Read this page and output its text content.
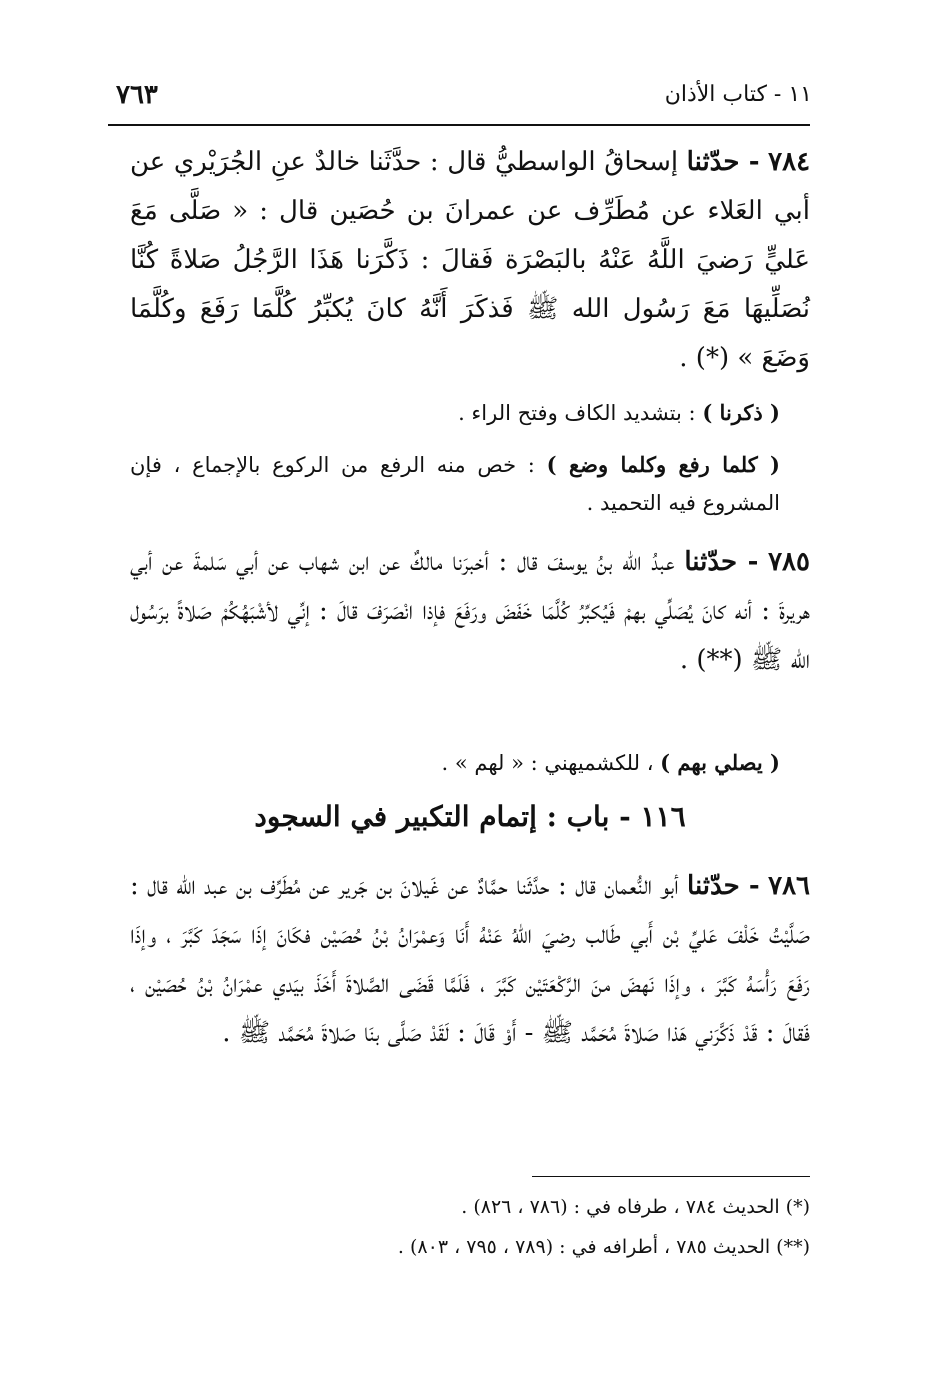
٧٦٣	١١ - كتاب الأذان
٧٨٤ - حدّثنا إسحاقُ الواسطيُّ قال : حدَّثَنا خالدٌ عنِ الجُرَيْري عن أبي العَلاء عن مُطَرِّف عن عمرانَ بن حُصَين قال : « صَلَّى مَعَ عَليٍّ رَضيَ اللَّهُ عَنْهُ بالبَصْرَة فَقالَ : ذَكَّرَنا هَذَا الرَّجُلُ صَلاةً كُنَّا نُصَلِّيهَا مَعَ رَسُول الله ﷺ فَذكَرَ أَنَّهُ كانَ يُكبِّرُ كُلَّمَا رَفَعَ وكُلَّمَا وَضَعَ » (*) .
( ذكرنا ) : بتشديد الكاف وفتح الراء .
( كلما رفع وكلما وضع ) : خص منه الرفع من الركوع بالإجماع ، فإن المشروع فيه التحميد .
٧٨٥ - حدّثنا عبدُ الله بنُ يوسفَ قال : أخبرَنا مالكٌ عن ابن شهاب عن أبي سَلمةَ عن أبي هريرةَ : أنه كانَ يُصَلِّي بهمْ فَيُكبِّرُ كُلَّمَا خَفَضَ ورَفَعَ فإذا انْصَرَفَ قالَ : إنِّي لأشْبَهُكُمْ صَلاةً برَسُول الله ﷺ (**) .
( يصلي بهم ) ، للكشميهني : « لهم » .
١١٦ - باب : إتمام التكبير في السجود
٧٨٦ - حدّثنا أبو النُّعمان قال : حدَّثَنا حمَّادٌ عن غَيلانَ بن جَرير عن مُطَرِّف بن عبد الله قال : صَلَّيْتُ خَلْفَ عَليِّ بْن أَبي طَالب رضيَ اللهُ عَنْهُ أَنَا وَعمْرَانُ بْنُ حُصَيْن فكَانَ إذَا سَجَدَ كَبَّرَ ، وإذَا رَفَعَ رَأْسَهُ كَبَّرَ ، وإذَا نَهضَ منَ الرَّكْعَتَيْن كَبَّرَ ، فَلَمَّا قَضَى الصَّلاةَ أَخَذَ بيَدي عمْرَانُ بْنُ حُصَيْن ، فَقالَ : قَدْ ذَكَّرَني هَذا صَلاةَ مُحَمَّد ﷺ - أَوْ قَالَ : لَقَدْ صَلَّى بنَا صَلاةَ مُحَمَّد ﷺ .
(*) الحديث ٧٨٤ ، طرفاه في : (٧٨٦ ، ٨٢٦) .
(**) الحديث ٧٨٥ ، أطرافه في : (٧٨٩ ، ٧٩٥ ، ٨٠٣) .
